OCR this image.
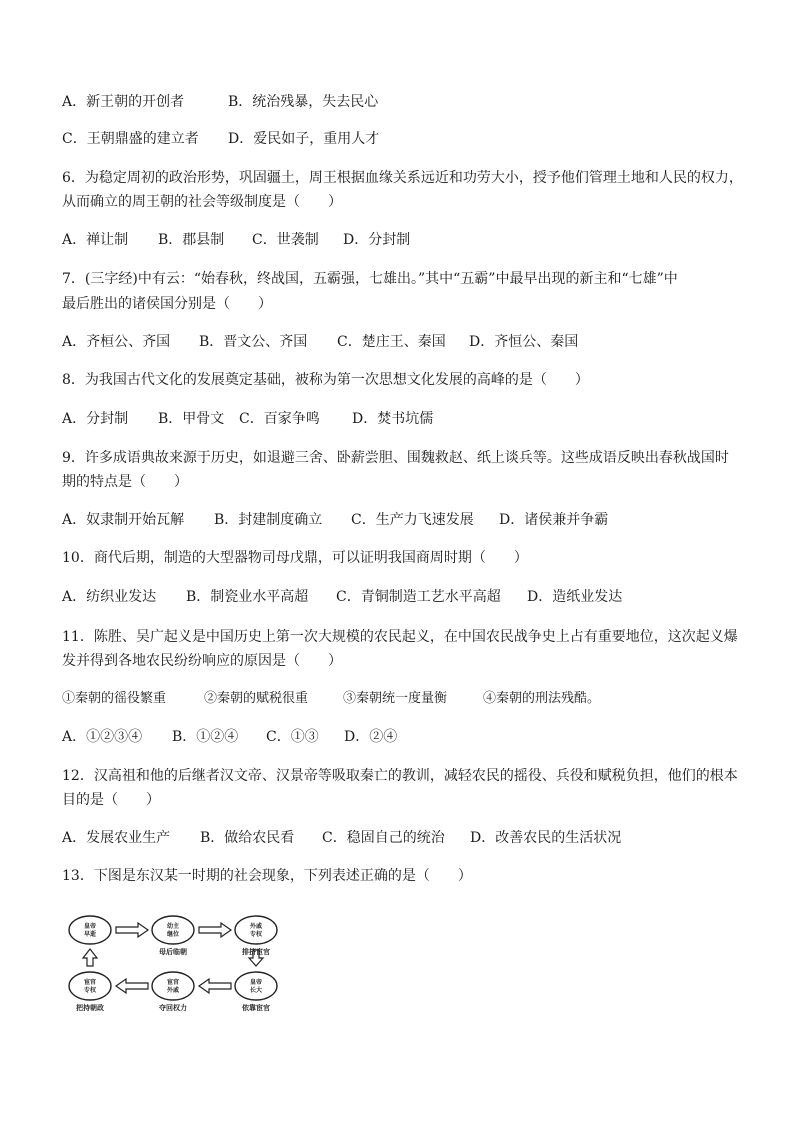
A．新王朝的开创者	B．统治残暴，失去民心
C．王朝鼎盛的建立者 D．爱民如子，重用人才
6．为稳定周初的政治形势，巩固疆土，周王根据血缘关系远近和功劳大小，授予他们管理土地和人民的权力，
从而确立的周王朝的社会等级制度是（　　）
A．禅让制 B．郡县制 C．世袭制 D．分封制
7．(三字经)中有云：“始春秋，终战国，五霸强，七雄出。”其中“五霸”中最早出现的新主和“七雄”中
最后胜出的诸侯国分别是（　　）
A．齐桓公、齐国 B．晋文公、齐国 C．楚庄王、秦国 D．齐恒公、秦国
8．为我国古代文化的发展奠定基础，被称为第一次思想文化发展的高峰的是（　　）
A．分封制 B．甲骨文 C．百家争鸣 D．焚书坑儒
9．许多成语典故来源于历史，如退避三舍、卧薪尝胆、围魏救赵、纸上谈兵等。这些成语反映出春秋战国时
期的特点是（　　）
A．奴隶制开始瓦解 B．封建制度确立 C．生产力飞速发展 D．诸侯兼并争霸
10．商代后期，制造的大型器物司母戊鼎，可以证明我国商周时期（　　）
A．纺织业发达 B．制瓷业水平高超 C．青铜制造工艺水平高超 D．造纸业发达
11．陈胜、吴广起义是中国历史上第一次大规模的农民起义，在中国农民战争史上占有重要地位，这次起义爆
发并得到各地农民纷纷响应的原因是（　　）
①秦朝的徭役繁重	②秦朝的赋税很重	③秦朝统一度量衡	④秦朝的刑法残酷。
A．①②③④ B．①②④ C．①③ D．②④
12．汉高祖和他的后继者汉文帝、汉景帝等吸取秦亡的教训，减轻农民的摇役、兵役和赋税负担，他们的根本
目的是（　　）
A．发展农业生产 B．做给农民看 C．稳固自己的统治 D．改善农民的生活状况
13．下图是东汉某一时期的社会现象，下列表述正确的是（　　）
皇帝
早逝
幼主
继位
外戚
专权
皇帝
长大
宦官
外戚
宦官
专权
母后临朝	排挤宦官
依靠宦官
夺回权力
把持朝政
